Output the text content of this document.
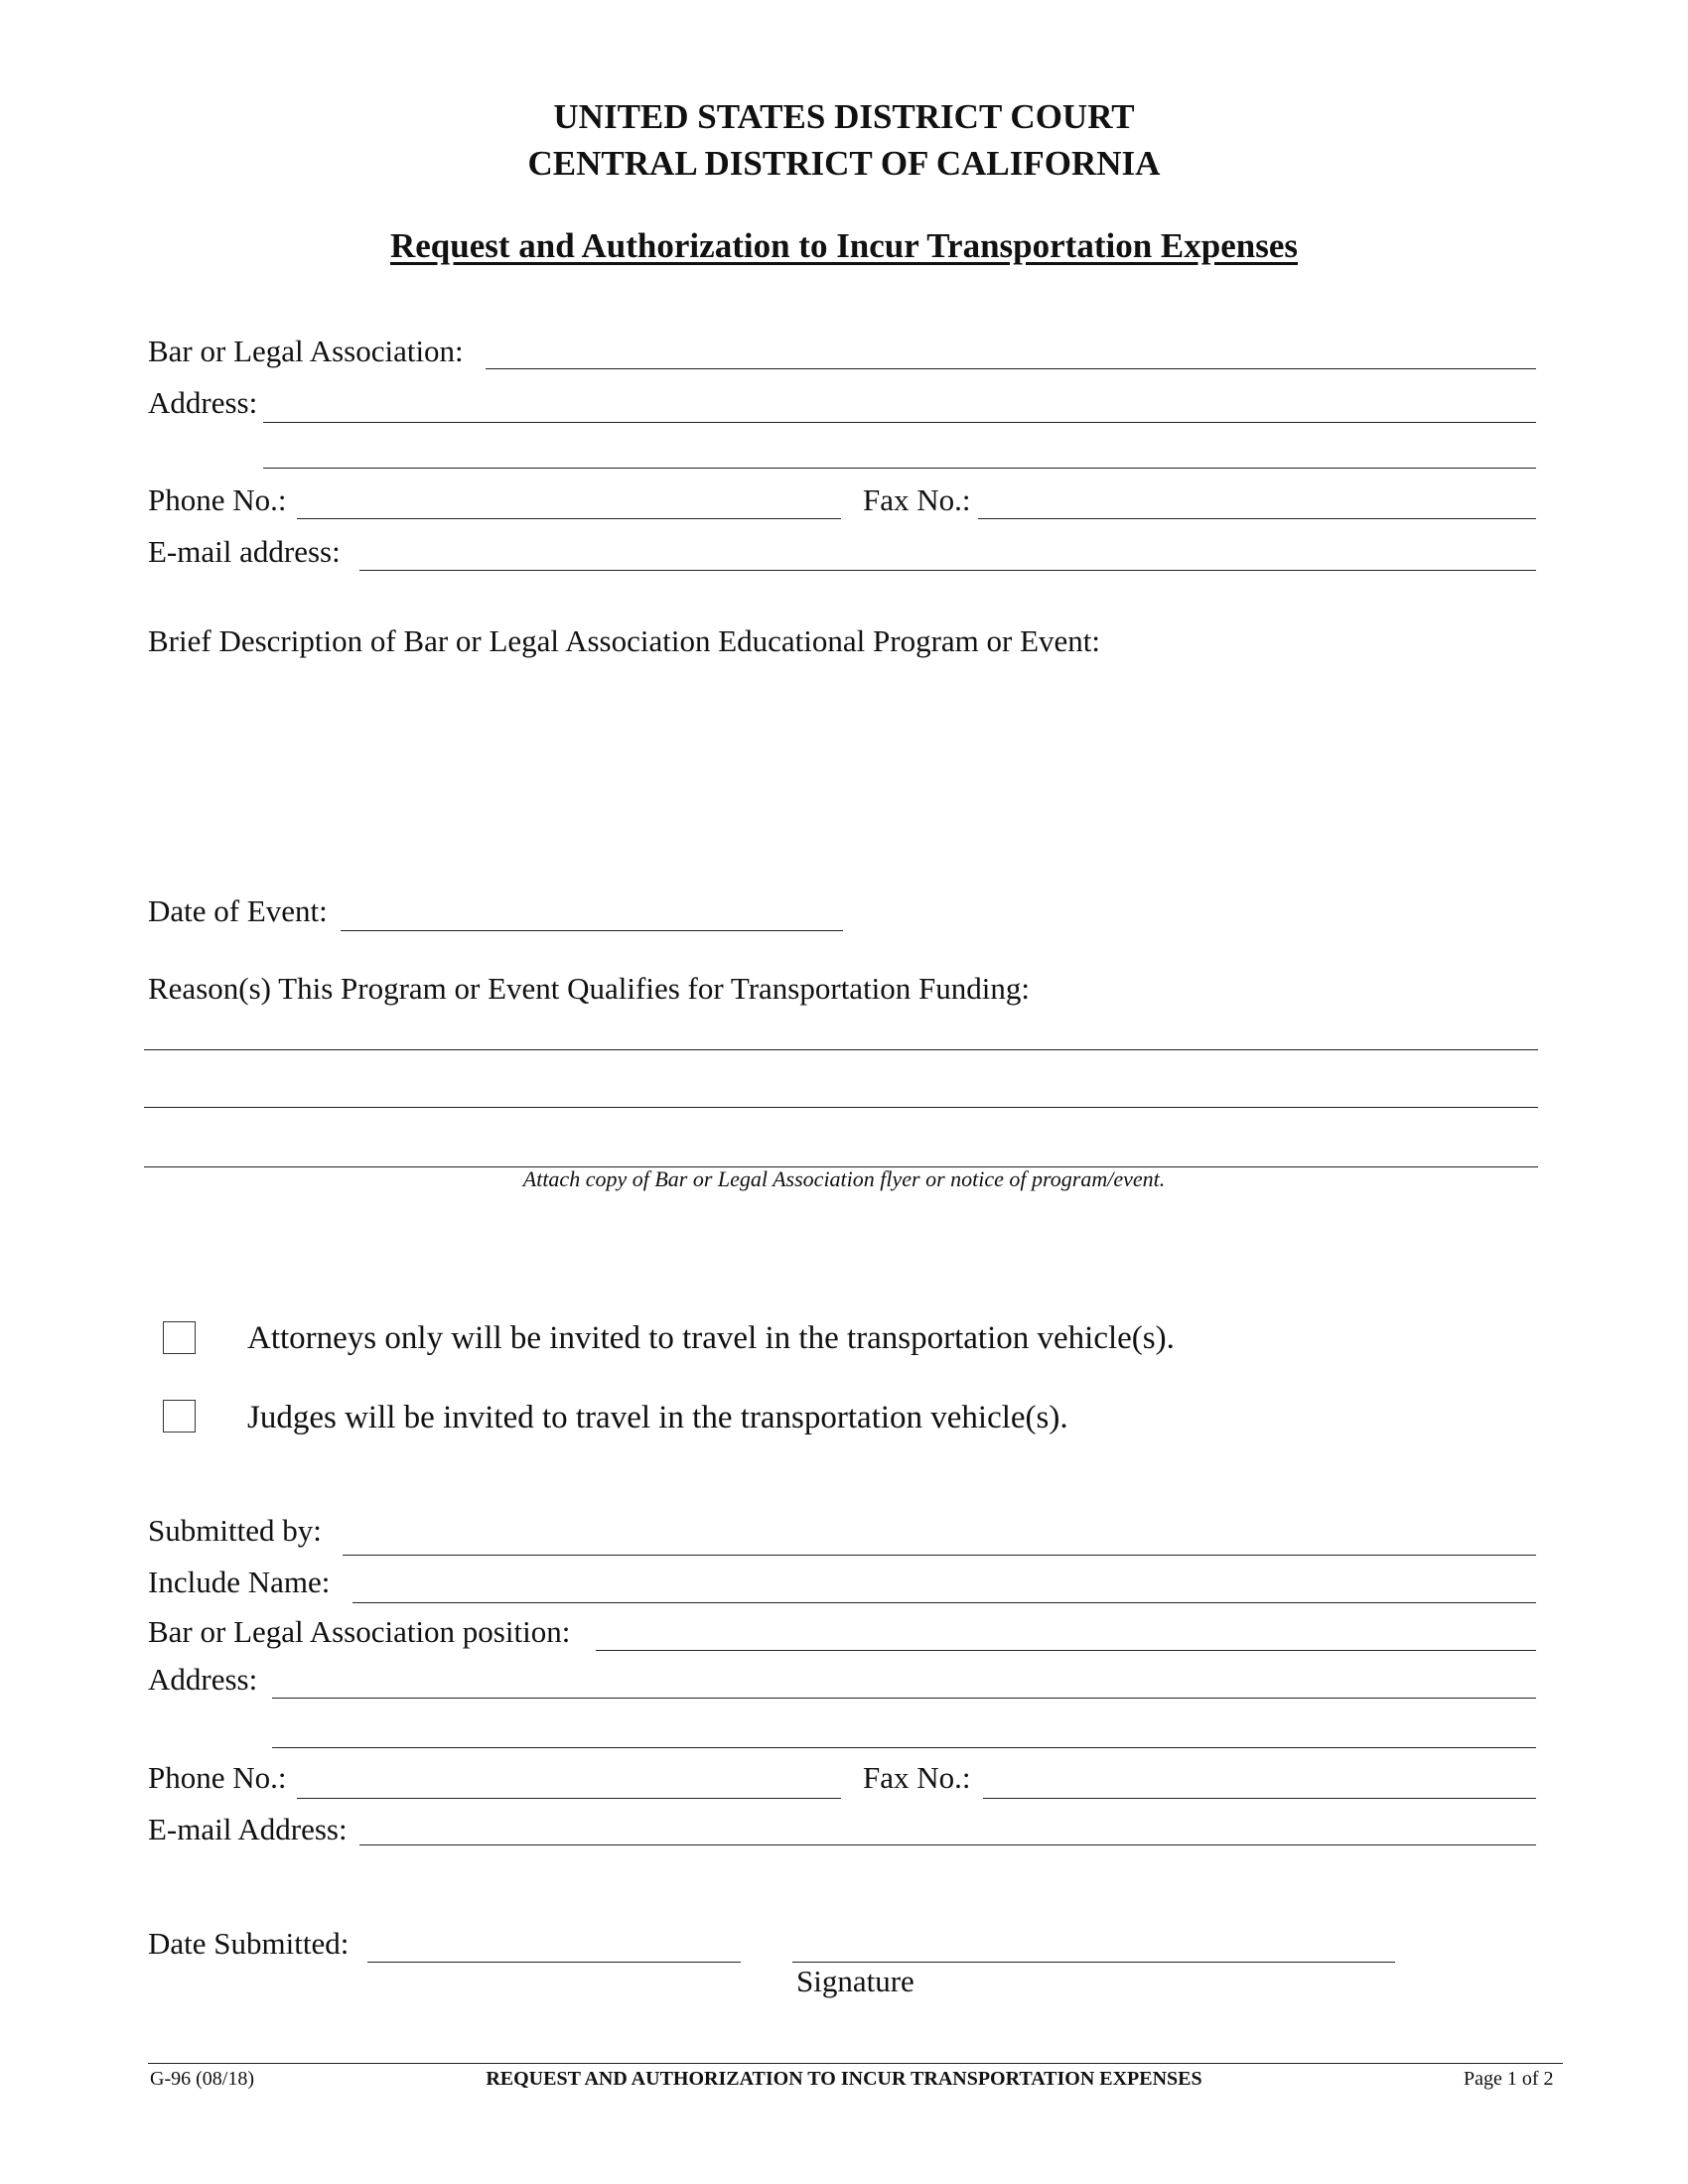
UNITED STATES DISTRICT COURT
CENTRAL DISTRICT OF CALIFORNIA
Request and Authorization to Incur Transportation Expenses
Bar or Legal Association:
Address:
Phone No.:	Fax No.:
E-mail address:
Brief Description of Bar or Legal Association Educational Program or Event:
Date of Event:
Reason(s) This Program or Event Qualifies for Transportation Funding:
Attach copy of Bar or Legal Association flyer or notice of program/event.
Attorneys only will be invited to travel in the transportation vehicle(s).
Judges will be invited to travel in the transportation vehicle(s).
Submitted by:
Include Name:
Bar or Legal Association position:
Address:
Phone No.:	Fax No.:
E-mail Address:
Date Submitted:
Signature
G-96 (08/18)	REQUEST AND AUTHORIZATION TO INCUR TRANSPORTATION EXPENSES	Page 1 of 2
